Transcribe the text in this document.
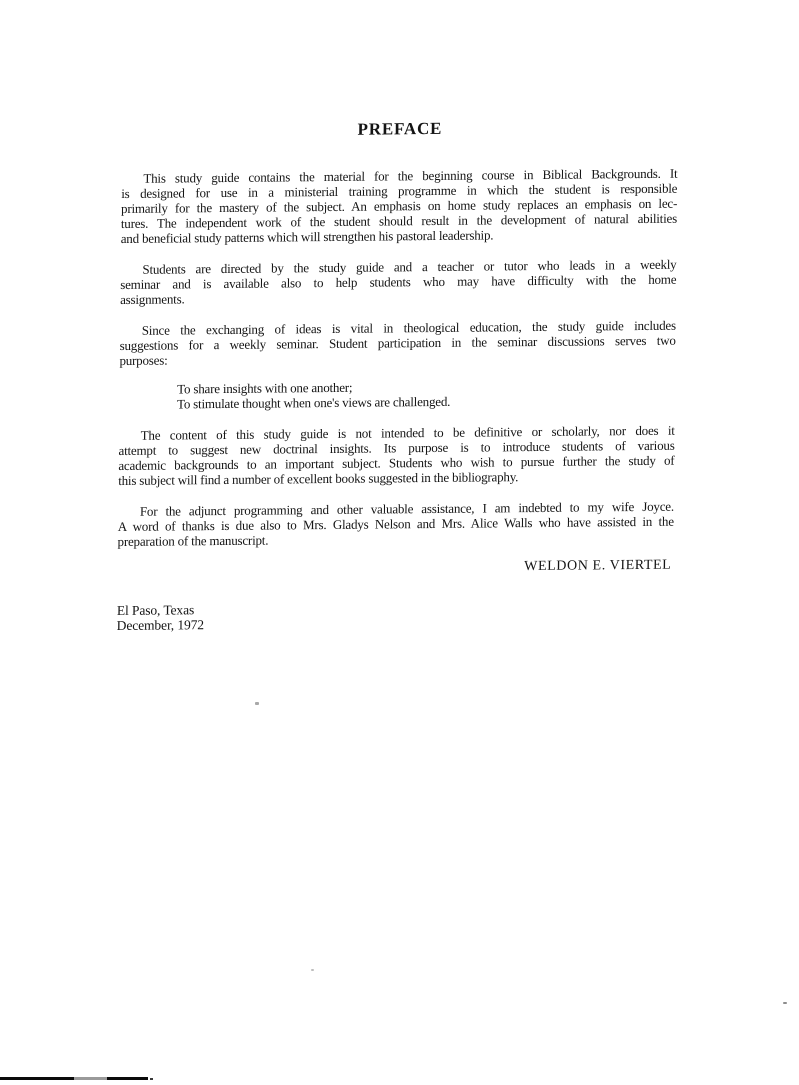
PREFACE
This study guide contains the material for the beginning course in Biblical Backgrounds. It
is designed for use in a ministerial training programme in which the student is responsible
primarily for the mastery of the subject. An emphasis on home study replaces an emphasis on lec-
tures. The independent work of the student should result in the development of natural abilities
and beneficial study patterns which will strengthen his pastoral leadership.
Students are directed by the study guide and a teacher or tutor who leads in a weekly
seminar and is available also to help students who may have difficulty with the home
assignments.
Since the exchanging of ideas is vital in theological education, the study guide includes
suggestions for a weekly seminar. Student participation in the seminar discussions serves two
purposes:
To share insights with one another;
To stimulate thought when one's views are challenged.
The content of this study guide is not intended to be definitive or scholarly, nor does it
attempt to suggest new doctrinal insights. Its purpose is to introduce students of various
academic backgrounds to an important subject. Students who wish to pursue further the study of
this subject will find a number of excellent books suggested in the bibliography.
For the adjunct programming and other valuable assistance, I am indebted to my wife Joyce.
A word of thanks is due also to Mrs. Gladys Nelson and Mrs. Alice Walls who have assisted in the
preparation of the manuscript.
WELDON E. VIERTEL
El Paso, Texas
December, 1972
